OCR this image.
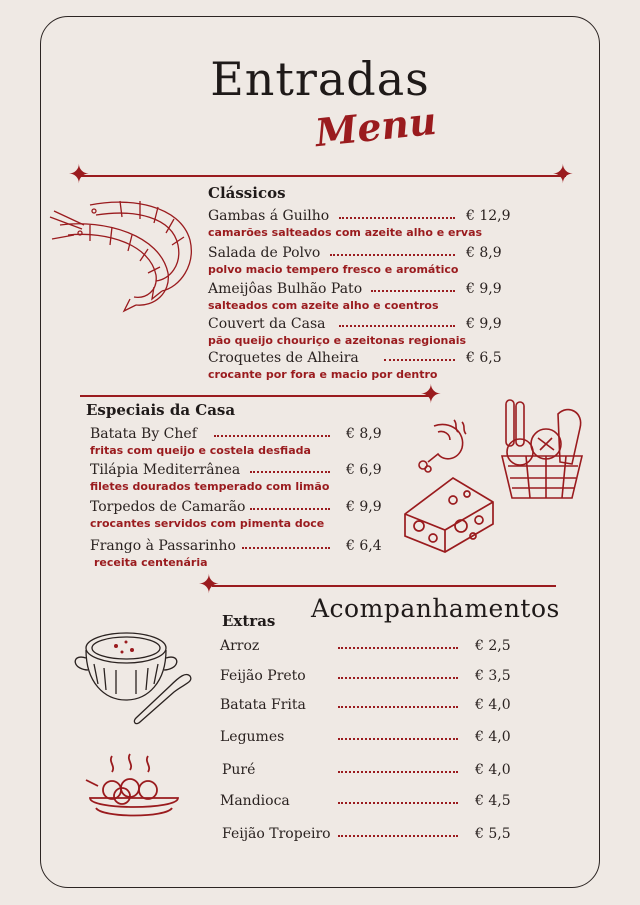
Entradas
Menu
✦	✦
Clássicos
Gambas á Guilho	€ 12,9
camarões salteados com azeite alho e ervas
Salada de Polvo	€ 8,9
polvo macio tempero fresco e aromático
Ameijôas Bulhão Pato	€ 9,9
salteados com azeite alho e coentros
Couvert da Casa	€ 9,9
pão queijo chouriço e azeitonas regionais
Croquetes de Alheira	€ 6,5
crocante por fora e macio por dentro
✦
Especiais da Casa
Batata By Chef	€ 8,9
fritas com queijo e costela desfiada
Tilápia Mediterrânea	€ 6,9
filetes dourados temperado com limão
Torpedos de Camarão	€ 9,9
crocantes servidos com pimenta doce
Frango à Passarinho	€ 6,4
receita centenária
✦
Extras Acompanhamentos
Arroz	€ 2,5
Feijão Preto	€ 3,5
Batata Frita	€ 4,0
Legumes	€ 4,0
Puré	€ 4,0
Mandioca	€ 4,5
Feijão Tropeiro	€ 5,5
